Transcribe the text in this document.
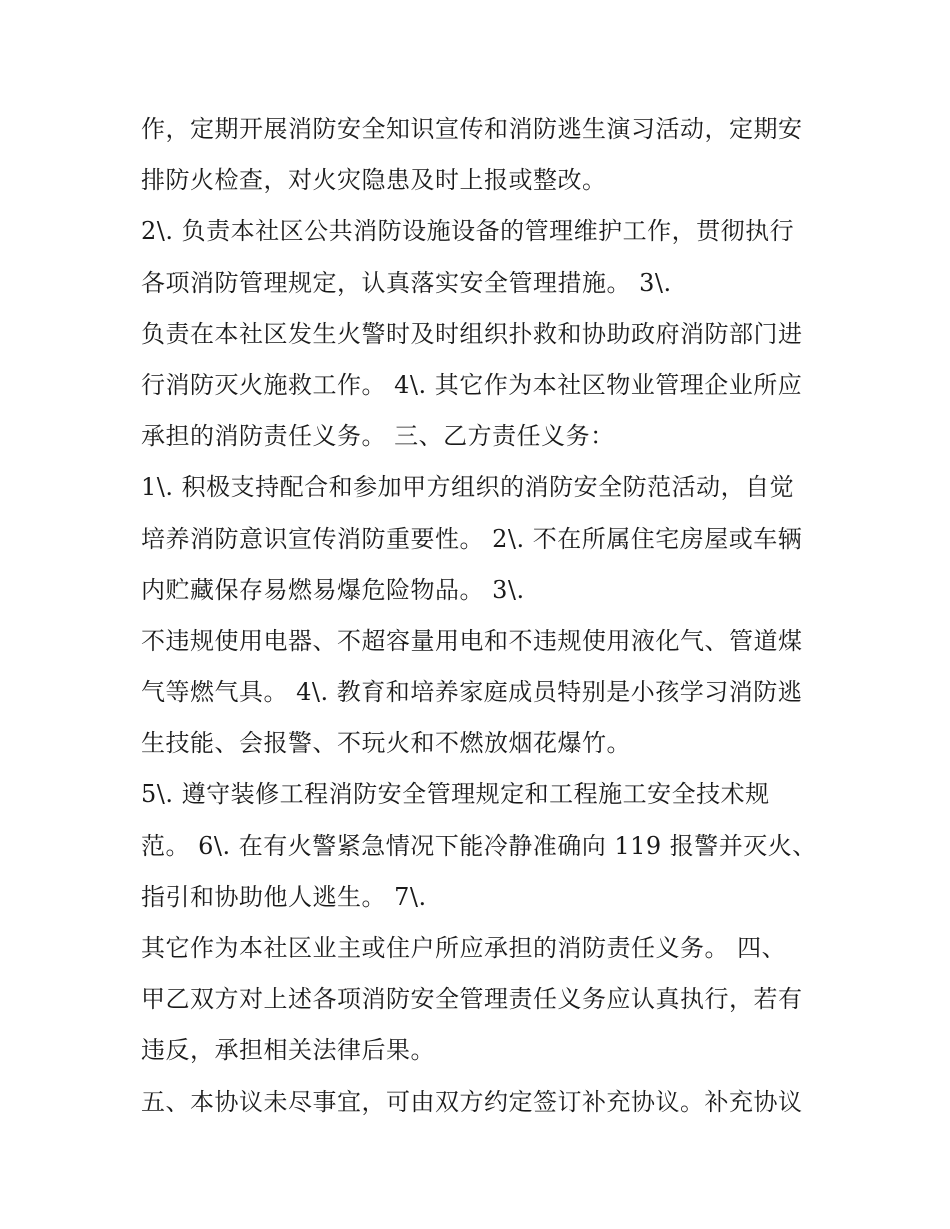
作，定期开展消防安全知识宣传和消防逃生演习活动，定期安
排防火检查，对火灾隐患及时上报或整改。
2\. 负责本社区公共消防设施设备的管理维护工作，贯彻执行
各项消防管理规定，认真落实安全管理措施。 3\.
负责在本社区发生火警时及时组织扑救和协助政府消防部门进
行消防灭火施救工作。 4\. 其它作为本社区物业管理企业所应
承担的消防责任义务。 三、乙方责任义务：
1\. 积极支持配合和参加甲方组织的消防安全防范活动，自觉
培养消防意识宣传消防重要性。 2\. 不在所属住宅房屋或车辆
内贮藏保存易燃易爆危险物品。 3\.
不违规使用电器、不超容量用电和不违规使用液化气、管道煤
气等燃气具。 4\. 教育和培养家庭成员特别是小孩学习消防逃
生技能、会报警、不玩火和不燃放烟花爆竹。
5\. 遵守装修工程消防安全管理规定和工程施工安全技术规
范。 6\. 在有火警紧急情况下能冷静准确向 119 报警并灭火、
指引和协助他人逃生。 7\.
其它作为本社区业主或住户所应承担的消防责任义务。 四、
甲乙双方对上述各项消防安全管理责任义务应认真执行，若有
违反，承担相关法律后果。
五、本协议未尽事宜，可由双方约定签订补充协议。补充协议
